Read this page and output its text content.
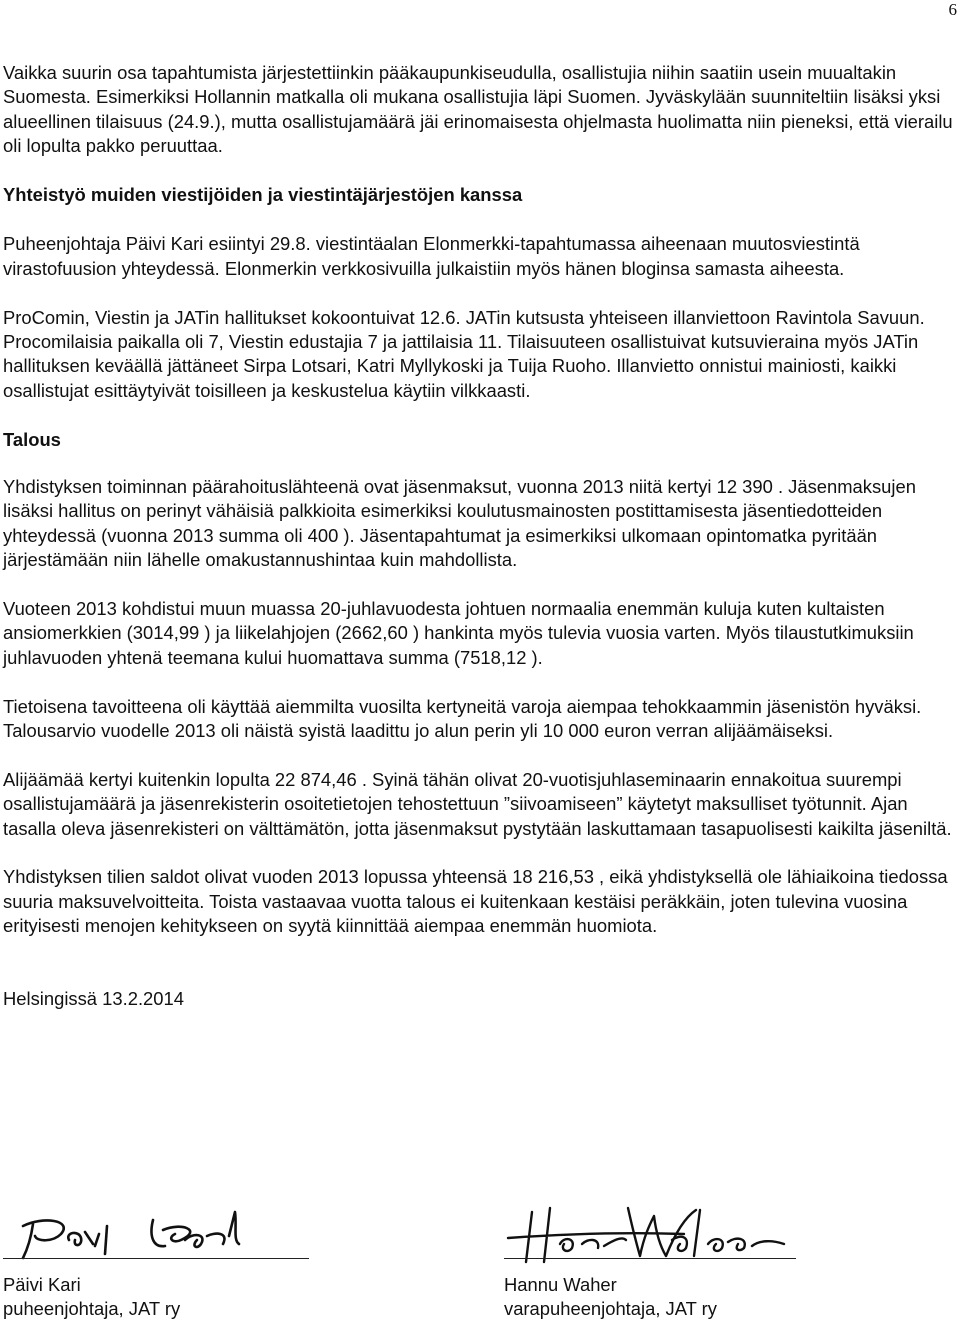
6

Vaikka suurin osa tapahtumista järjestettiinkin pääkaupunkiseudulla, osallistujia niihin saatiin usein muualtakin Suomesta. Esimerkiksi Hollannin matkalla oli mukana osallistujia läpi Suomen. Jyväskylään suunniteltiin lisäksi yksi alueellinen tilaisuus (24.9.), mutta osallistujamäärä jäi erinomaisesta ohjelmasta huolimatta niin pieneksi, että vierailu oli lopulta pakko peruuttaa.

Yhteistyö muiden viestijöiden ja viestintäjärjestöjen kanssa

Puheenjohtaja Päivi Kari esiintyi 29.8. viestintäalan Elonmerkki-tapahtumassa aiheenaan muutosviestintä virastofuusion yhteydessä. Elonmerkin verkkosivuilla julkaistiin myös hänen bloginsa samasta aiheesta.

ProComin, Viestin ja JATin hallitukset kokoontuivat 12.6. JATin kutsusta yhteiseen illanviettoon Ravintola Savuun. Procomilaisia paikalla oli 7, Viestin edustajia 7 ja jattilaisia 11. Tilaisuuteen osallistuivat kutsuvieraina myös JATin hallituksen keväällä jättäneet Sirpa Lotsari, Katri Myllykoski ja Tuija Ruoho. Illanvietto onnistui mainiosti, kaikki osallistujat esittäytyivät toisilleen ja keskustelua käytiin vilkkaasti.

Talous

Yhdistyksen toiminnan päärahoituslähteenä ovat jäsenmaksut, vuonna 2013 niitä kertyi 12 390 . Jäsenmaksujen lisäksi hallitus on perinyt vähäisiä palkkioita esimerkiksi koulutusmainosten postittamisesta jäsentiedotteiden yhteydessä (vuonna 2013 summa oli 400 ). Jäsentapahtumat ja esimerkiksi ulkomaan opintomatka pyritään järjestämään niin lähelle omakustannushintaa kuin mahdollista.

Vuoteen 2013 kohdistui muun muassa 20-juhlavuodesta johtuen normaalia enemmän kuluja kuten kultaisten ansiomerkkien (3014,99 ) ja liikelahjojen (2662,60 ) hankinta myös tulevia vuosia varten. Myös tilaustutkimuksiin juhlavuoden yhtenä teemana kului huomattava summa (7518,12 ).

Tietoisena tavoitteena oli käyttää aiemmilta vuosilta kertyneitä varoja aiempaa tehokkaammin jäsenistön hyväksi. Talousarvio vuodelle 2013 oli näistä syistä laadittu jo alun perin yli 10 000 euron verran alijäämäiseksi.

Alijäämää kertyi kuitenkin lopulta 22 874,46 . Syinä tähän olivat 20-vuotisjuhlaseminaarin ennakoitua suurempi osallistujamäärä ja jäsenrekisterin osoitetietojen tehostettuun ”siivoamiseen” käytetyt maksulliset työtunnit. Ajan tasalla oleva jäsenrekisteri on välttämätön, jotta jäsenmaksut pystytään laskuttamaan tasapuolisesti kaikilta jäseniltä.

Yhdistyksen tilien saldot olivat vuoden 2013 lopussa yhteensä 18 216,53 , eikä yhdistyksellä ole lähiaikoina tiedossa suuria maksuvelvoitteita. Toista vastaavaa vuotta talous ei kuitenkaan kestäisi peräkkäin, joten tulevina vuosina erityisesti menojen kehitykseen on syytä kiinnittää aiempaa enemmän huomiota.

Helsingissä 13.2.2014

Päivi Kari
puheenjohtaja, JAT ry
Hannu Waher
varapuheenjohtaja, JAT ry
